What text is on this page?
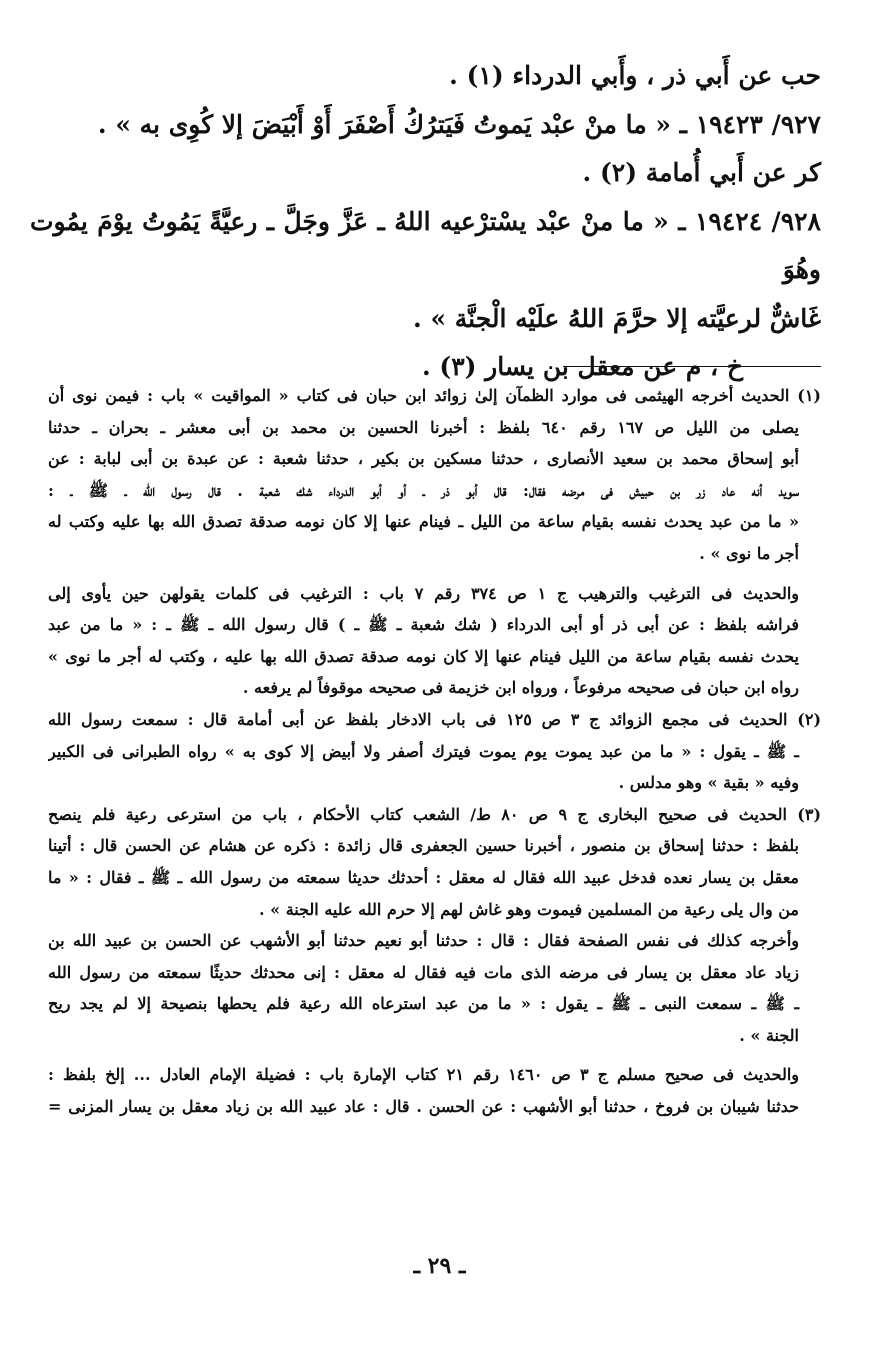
حب عن أَبي ذر ، وأَبي الدرداء (١) .

٩٢٧/ ١٩٤٢٣ ـ « ما منْ عبْد يَموتُ فَيَترُكُ أَصْفَرَ أَوْ أَبْيَضَ إلا كُوِى به » .

كر عن أَبي أُمامة (٢) .

٩٢٨/ ١٩٤٢٤ ـ « ما منْ عبْد يسْترْعيه اللهُ ـ عَزَّ وجَلَّ ـ رعيَّةً يَمُوتُ يوْمَ يمُوت وهُوَ

غَاشٌّ لرعيَّته إلا حرَّمَ اللهُ علَيْه الْجنَّة » .

خ ، م عن معقل بن يسار (٣) .

(١) الحديث أخرجه الهيثمى فى موارد الظمآن إلىٰ زوائد ابن حبان فى كتاب « المواقيت » باب : فيمن نوى أن

يصلى من الليل ص ١٦٧ رقم ٦٤٠ بلفظ : أخبرنا الحسين بن محمد بن أبى معشر ـ بحران ـ حدثنا

أبو إسحاق محمد بن سعيد الأنصارى ، حدثنا مسكين بن بكير ، حدثنا شعبة : عن عبدة بن أبى لبابة : عن

سويد أنه عاد زر بن حبيش فى مرضه فقال: قال أبو ذر ـ أو أبو الدرداء شك شعبة . قال رسول الله ـ ﷺ ـ :

« ما من عبد يحدث نفسه بقيام ساعة من الليل ـ فينام عنها إلا كان نومه صدقة تصدق الله بها عليه وكتب له

أجر ما نوى » .

والحديث فى الترغيب والترهيب ج ١ ص ٣٧٤ رقم ٧ باب : الترغيب فى كلمات يقولهن حين يأوى إلى

فراشه بلفظ : عن أبى ذر أو أبى الدرداء ( شك شعبة ـ ﷺ ـ ) قال رسول الله ـ ﷺ ـ : « ما من عبد

يحدث نفسه بقيام ساعة من الليل فينام عنها إلا كان نومه صدقة تصدق الله بها عليه ، وكتب له أجر ما نوى »

رواه ابن حبان فى صحيحه مرفوعاً ، ورواه ابن خزيمة فى صحيحه موقوفاً لم يرفعه .

(٢) الحديث فى مجمع الزوائد ج ٣ ص ١٢٥ فى باب الادخار بلفظ عن أبى أمامة قال : سمعت رسول الله

ـ ﷺ ـ يقول : « ما من عبد يموت يوم يموت فيترك أصفر ولا أبيض إلا كوى به » رواه الطبرانى فى الكبير

وفيه « بقية » وهو مدلس .

(٣) الحديث فى صحيح البخارى ج ٩ ص ٨٠ ط/ الشعب كتاب الأحكام ، باب من استرعى رعية فلم ينصح

بلفظ : حدثنا إسحاق بن منصور ، أخبرنا حسين الجعفرى قال زائدة : ذكره عن هشام عن الحسن قال : أتينا

معقل بن يسار نعده فدخل عبيد الله فقال له معقل : أحدثك حديثا سمعته من رسول الله ـ ﷺ ـ فقال : « ما

من وال يلى رعية من المسلمين فيموت وهو غاش لهم إلا حرم الله عليه الجنة » .

وأخرجه كذلك فى نفس الصفحة فقال : قال : حدثنا أبو نعيم حدثنا أبو الأشهب عن الحسن بن عبيد الله بن

زياد عاد معقل بن يسار فى مرضه الذى مات فيه فقال له معقل : إنى محدثك حديثًا سمعته من رسول الله

ـ ﷺ ـ سمعت النبى ـ ﷺ ـ يقول : « ما من عبد استرعاه الله رعية فلم يحطها بنصيحة إلا لم يجد ريح

الجنة » .

والحديث فى صحيح مسلم ج ٣ ص ١٤٦٠ رقم ٢١ كتاب الإمارة باب : فضيلة الإمام العادل ... إلخ بلفظ :

حدثنا شيبان بن فروخ ، حدثنا أبو الأشهب : عن الحسن . قال : عاد عبيد الله بن زياد معقل بن يسار المزنى =

ـ ٢٩ ـ
